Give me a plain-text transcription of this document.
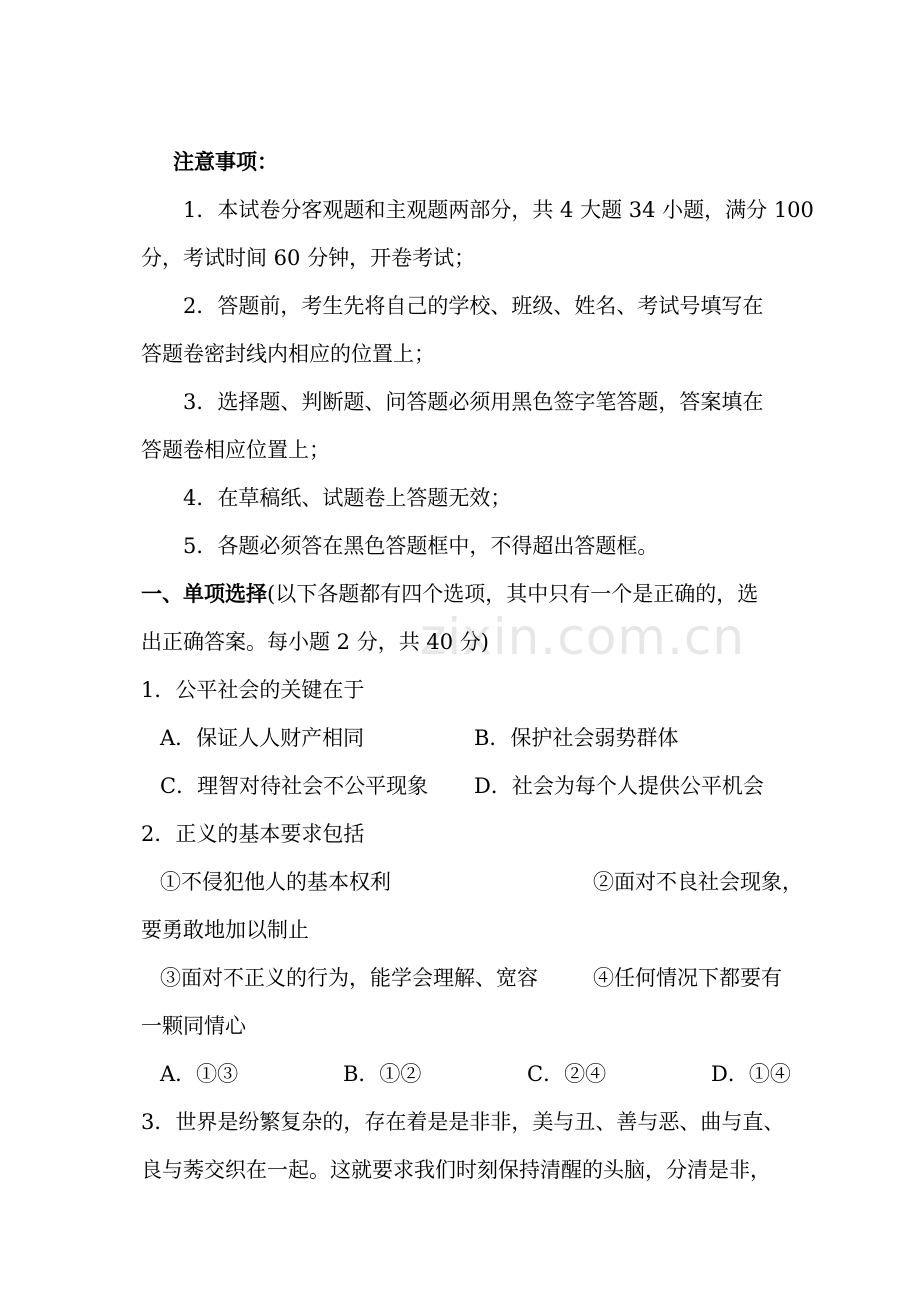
注意事项：
1．本试卷分客观题和主观题两部分，共 4 大题 34 小题，满分 100
分，考试时间 60 分钟，开卷考试；
2．答题前，考生先将自己的学校、班级、姓名、考试号填写在
答题卷密封线内相应的位置上；
3．选择题、判断题、问答题必须用黑色签字笔答题，答案填在
答题卷相应位置上；
4．在草稿纸、试题卷上答题无效；
5．各题必须答在黑色答题框中，不得超出答题框。
一、单项选择(以下各题都有四个选项，其中只有一个是正确的，选
出正确答案。每小题 2 分，共 40 分)
1．公平社会的关键在于
A．保证人人财产相同	B．保护社会弱势群体
C．理智对待社会不公平现象 D．社会为每个人提供公平机会
2．正义的基本要求包括
①不侵犯他人的基本权利	②面对不良社会现象，
要勇敢地加以制止
③面对不正义的行为，能学会理解、宽容	④任何情况下都要有
一颗同情心
A．①③	B．①②	C．②④	D．①④
3．世界是纷繁复杂的，存在着是是非非，美与丑、善与恶、曲与直、
良与莠交织在一起。这就要求我们时刻保持清醒的头脑，分清是非，
zixin.com.cn
